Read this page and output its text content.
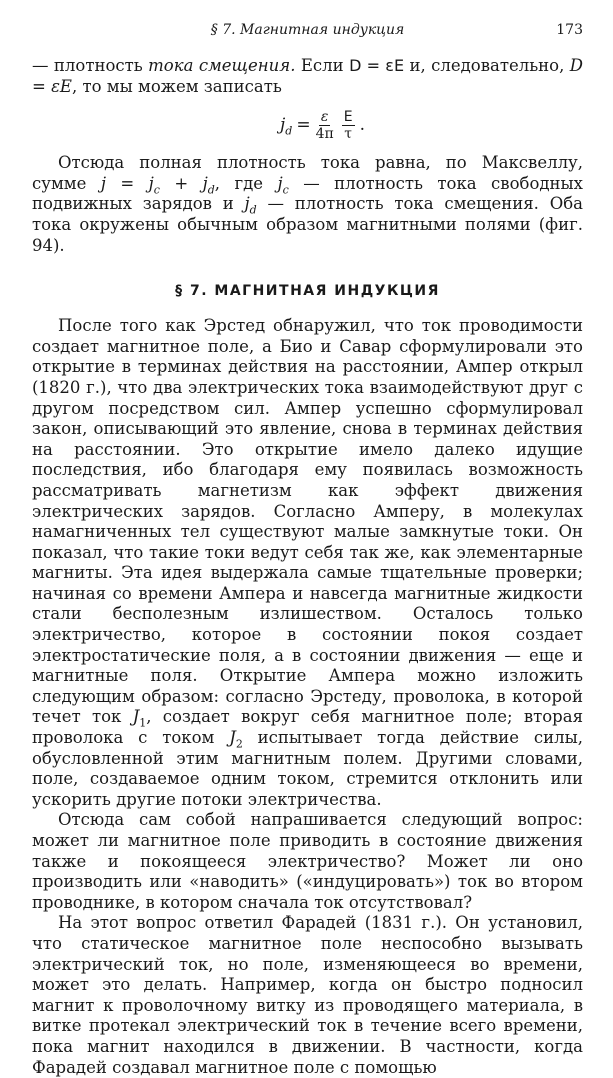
§ 7. Магнитная индукция	173

— плотность тока смещения. Если D = εE и, следовательно, D = εE, то мы можем записать

$j_d = \frac{\varepsilon}{4\pi} \frac{E}{\tau}$ .

Отсюда полная плотность тока равна, по Максвеллу, сумме $j = j_c + j_d$, где $j_c$ — плотность тока свободных подвижных зарядов и $j_d$ — плотность тока смещения. Оба тока окружены обычным образом магнитными полями (фиг. 94).

§ 7. МАГНИТНАЯ ИНДУКЦИЯ

После того как Эрстед обнаружил, что ток проводимости создает магнитное поле, а Био и Савар сформулировали это открытие в терминах действия на расстоянии, Ампер открыл (1820 г.), что два электрических тока взаимодействуют друг с другом посредством сил. Ампер успешно сформулировал закон, описывающий это явление, снова в терминах действия на расстоянии. Это открытие имело далеко идущие последствия, ибо благодаря ему появилась возможность рассматривать магнетизм как эффект движения электрических зарядов. Согласно Амперу, в молекулах намагниченных тел существуют малые замкнутые токи. Он показал, что такие токи ведут себя так же, как элементарные магниты. Эта идея выдержала самые тщательные проверки; начиная со времени Ампера и навсегда магнитные жидкости стали бесполезным излишеством. Осталось только электричество, которое в состоянии покоя создает электростатические поля, а в состоянии движения — еще и магнитные поля. Открытие Ампера можно изложить следующим образом: согласно Эрстеду, проволока, в которой течет ток $J_1$, создает вокруг себя магнитное поле; вторая проволока с током $J_2$ испытывает тогда действие силы, обусловленной этим магнитным полем. Другими словами, поле, создаваемое одним током, стремится отклонить или ускорить другие потоки электричества.

Отсюда сам собой напрашивается следующий вопрос: может ли магнитное поле приводить в состояние движения также и покоящееся электричество? Может ли оно производить или «наводить» («индуцировать») ток во втором проводнике, в котором сначала ток отсутствовал?

На этот вопрос ответил Фарадей (1831 г.). Он установил, что статическое магнитное поле неспособно вызывать электрический ток, но поле, изменяющееся во времени, может это делать. Например, когда он быстро подносил магнит к проволочному витку из проводящего материала, в витке протекал электрический ток в течение всего времени, пока магнит находился в движении. В частности, когда Фарадей создавал магнитное поле с помощью
